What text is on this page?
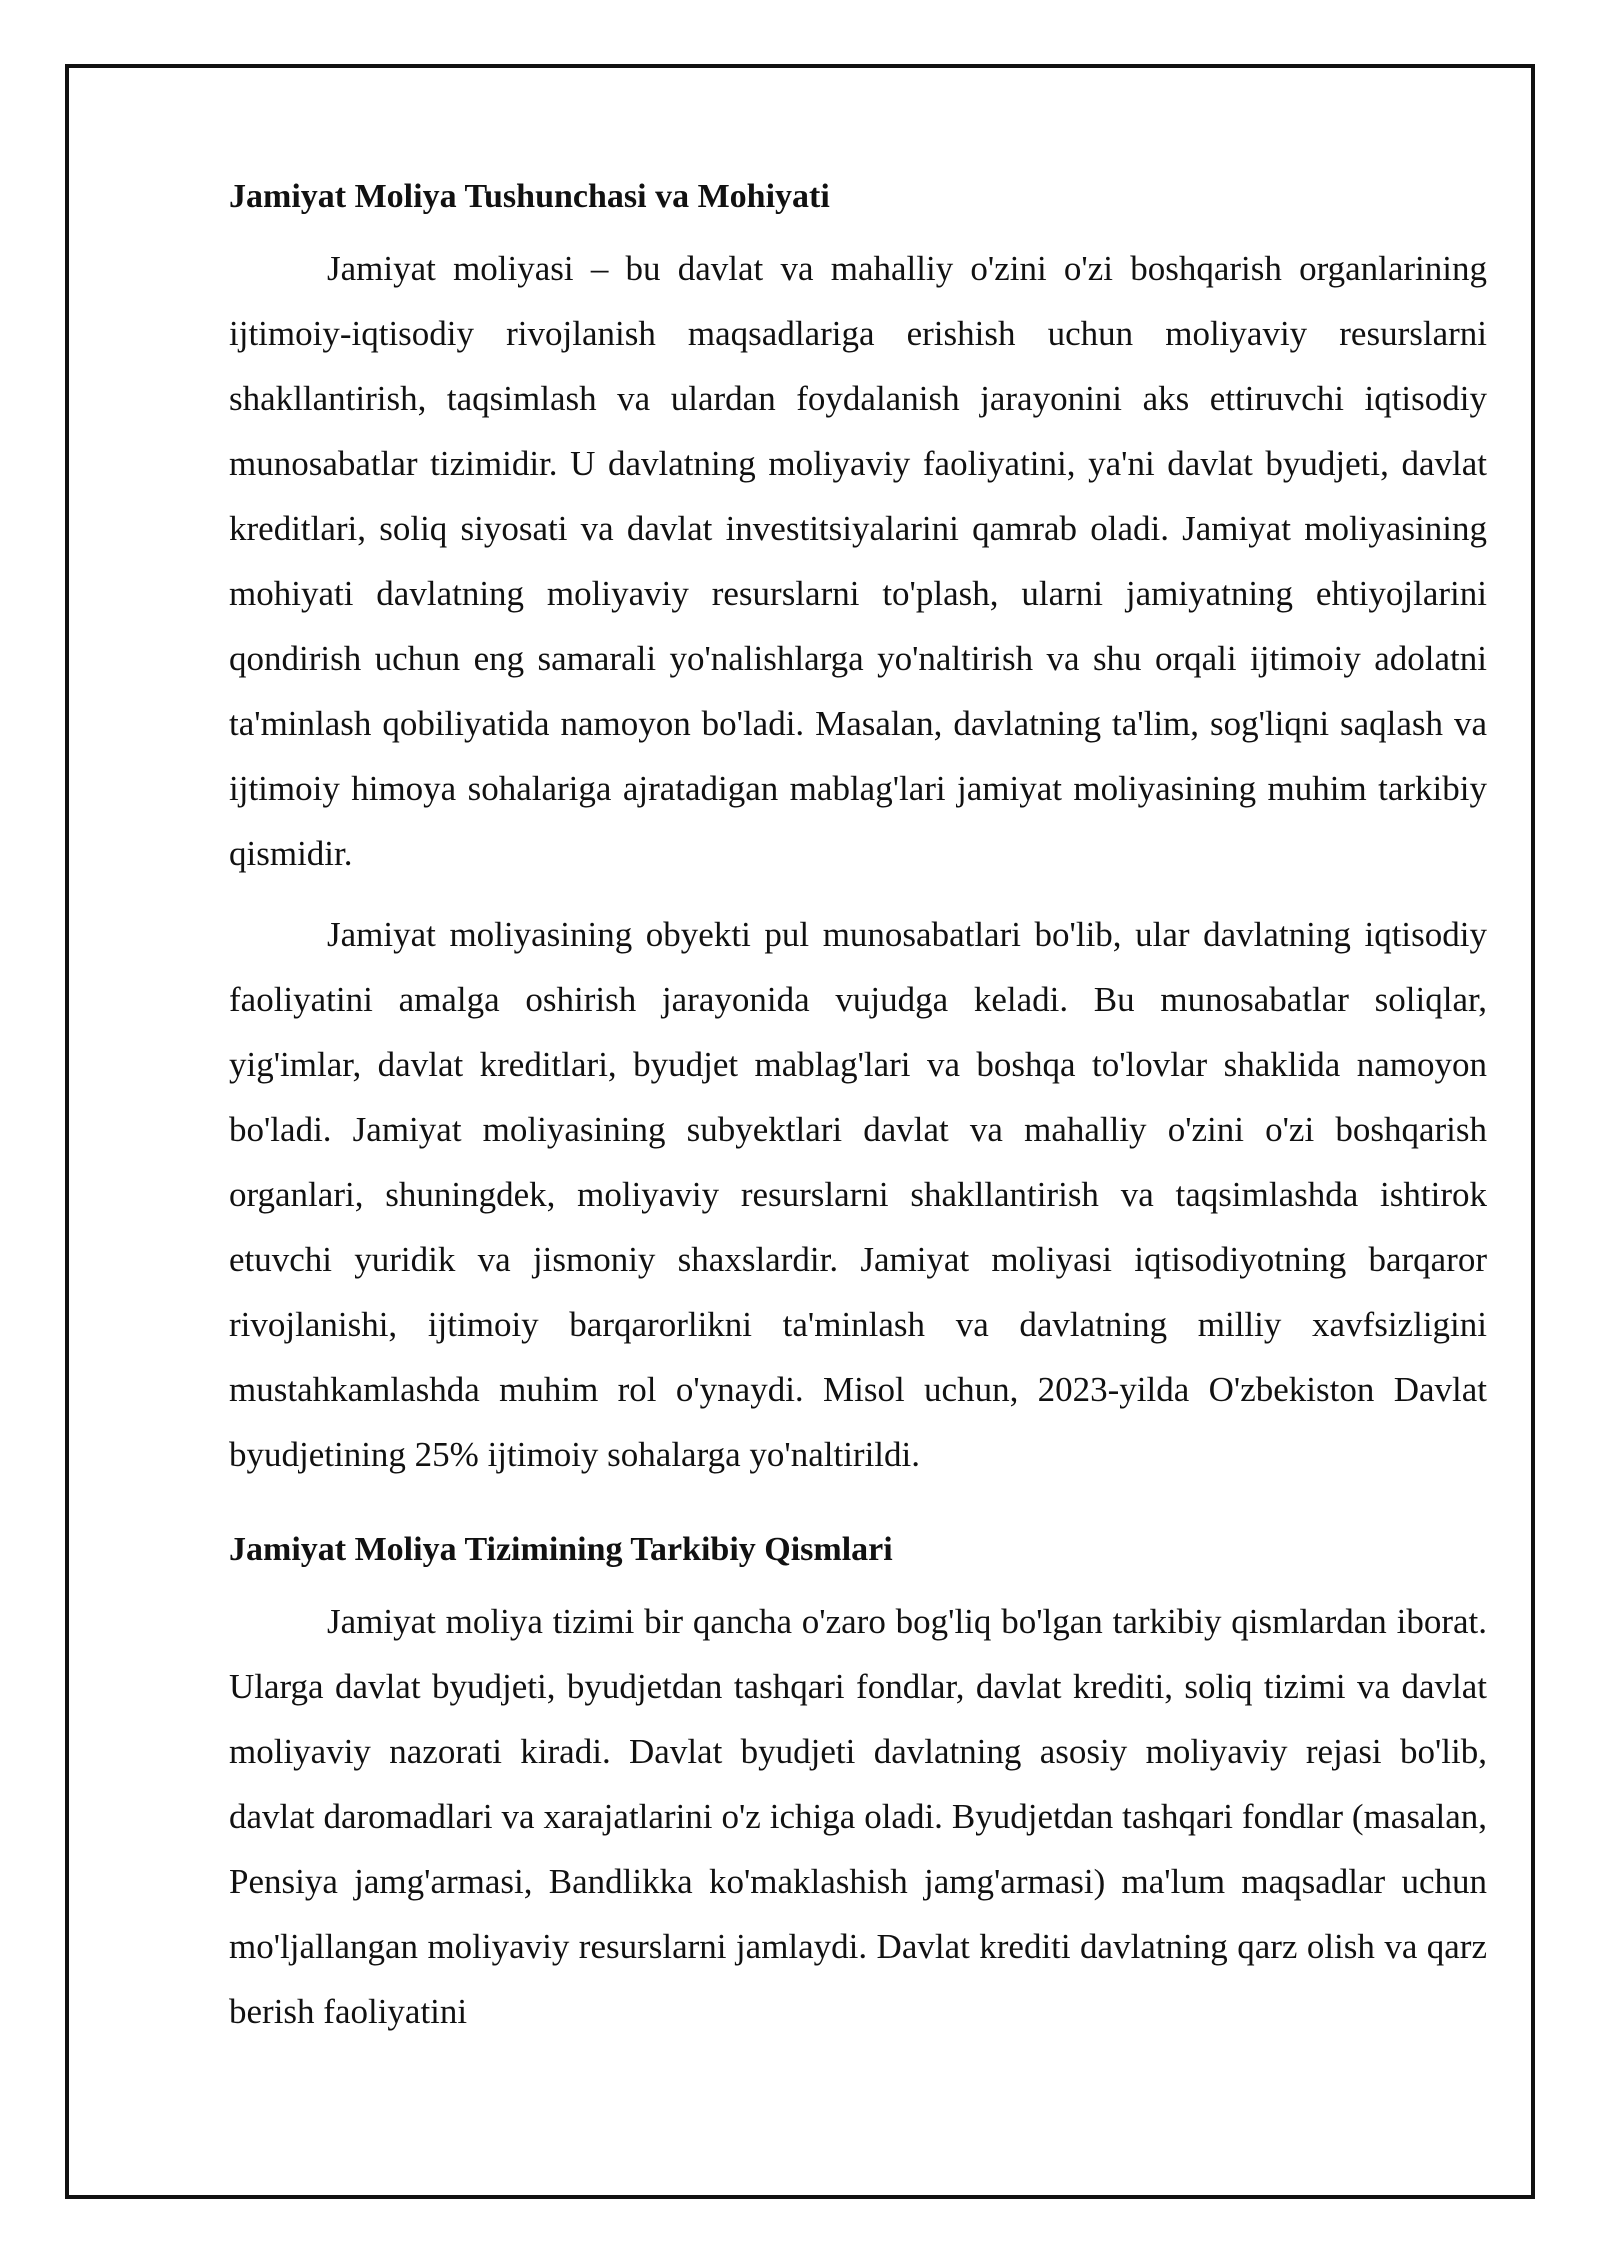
Jamiyat Moliya Tushunchasi va Mohiyati

Jamiyat moliyasi – bu davlat va mahalliy o'zini o'zi boshqarish organlarining ijtimoiy-iqtisodiy rivojlanish maqsadlariga erishish uchun moliyaviy resurslarni shakllantirish, taqsimlash va ulardan foydalanish jarayonini aks ettiruvchi iqtisodiy munosabatlar tizimidir. U davlatning moliyaviy faoliyatini, ya'ni davlat byudjeti, davlat kreditlari, soliq siyosati va davlat investitsiyalarini qamrab oladi. Jamiyat moliyasining mohiyati davlatning moliyaviy resurslarni to'plash, ularni jamiyatning ehtiyojlarini qondirish uchun eng samarali yo'nalishlarga yo'naltirish va shu orqali ijtimoiy adolatni ta'minlash qobiliyatida namoyon bo'ladi. Masalan, davlatning ta'lim, sog'liqni saqlash va ijtimoiy himoya sohalariga ajratadigan mablag'lari jamiyat moliyasining muhim tarkibiy qismidir.

Jamiyat moliyasining obyekti pul munosabatlari bo'lib, ular davlatning iqtisodiy faoliyatini amalga oshirish jarayonida vujudga keladi. Bu munosabatlar soliqlar, yig'imlar, davlat kreditlari, byudjet mablag'lari va boshqa to'lovlar shaklida namoyon bo'ladi. Jamiyat moliyasining subyektlari davlat va mahalliy o'zini o'zi boshqarish organlari, shuningdek, moliyaviy resurslarni shakllantirish va taqsimlashda ishtirok etuvchi yuridik va jismoniy shaxslardir. Jamiyat moliyasi iqtisodiyotning barqaror rivojlanishi, ijtimoiy barqarorlikni ta'minlash va davlatning milliy xavfsizligini mustahkamlashda muhim rol o'ynaydi. Misol uchun, 2023-yilda O'zbekiston Davlat byudjetining 25% ijtimoiy sohalarga yo'naltirildi.

Jamiyat Moliya Tizimining Tarkibiy Qismlari

Jamiyat moliya tizimi bir qancha o'zaro bog'liq bo'lgan tarkibiy qismlardan iborat. Ularga davlat byudjeti, byudjetdan tashqari fondlar, davlat krediti, soliq tizimi va davlat moliyaviy nazorati kiradi. Davlat byudjeti davlatning asosiy moliyaviy rejasi bo'lib, davlat daromadlari va xarajatlarini o'z ichiga oladi. Byudjetdan tashqari fondlar (masalan, Pensiya jamg'armasi, Bandlikka ko'maklashish jamg'armasi) ma'lum maqsadlar uchun mo'ljallangan moliyaviy resurslarni jamlaydi. Davlat krediti davlatning qarz olish va qarz berish faoliyatini
